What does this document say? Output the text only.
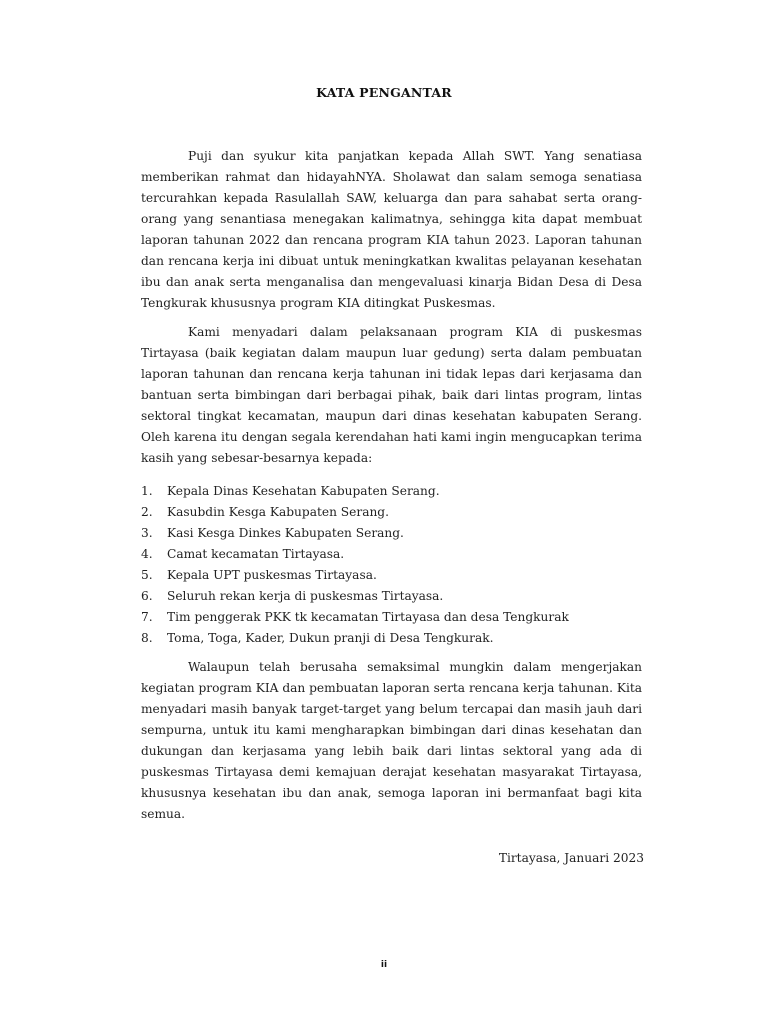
KATA PENGANTAR

Puji dan syukur kita panjatkan kepada Allah SWT. Yang senatiasa memberikan rahmat dan hidayahNYA. Sholawat dan salam semoga senatiasa tercurahkan kepada Rasulallah SAW, keluarga dan para sahabat serta orang-orang yang senantiasa menegakan kalimatnya, sehingga kita dapat membuat laporan tahunan 2022 dan rencana program KIA tahun 2023. Laporan tahunan dan rencana kerja ini dibuat untuk meningkatkan kwalitas pelayanan kesehatan ibu dan anak serta menganalisa dan mengevaluasi kinarja Bidan Desa di Desa Tengkurak khususnya program KIA ditingkat Puskesmas.

Kami menyadari dalam pelaksanaan program KIA di puskesmas Tirtayasa (baik kegiatan dalam maupun luar gedung) serta dalam pembuatan laporan tahunan dan rencana kerja tahunan ini tidak lepas dari kerjasama dan bantuan serta bimbingan dari berbagai pihak, baik dari lintas program, lintas sektoral tingkat kecamatan, maupun dari dinas kesehatan kabupaten Serang. Oleh karena itu dengan segala kerendahan hati kami ingin mengucapkan terima kasih yang sebesar-besarnya kepada:

1. Kepala Dinas Kesehatan Kabupaten Serang.
2. Kasubdin Kesga Kabupaten Serang.
3. Kasi Kesga Dinkes Kabupaten Serang.
4. Camat kecamatan Tirtayasa.
5. Kepala UPT puskesmas Tirtayasa.
6. Seluruh rekan kerja di puskesmas Tirtayasa.
7. Tim penggerak PKK tk kecamatan Tirtayasa dan desa Tengkurak
8. Toma, Toga, Kader, Dukun pranji di Desa Tengkurak.

Walaupun telah berusaha semaksimal mungkin dalam mengerjakan kegiatan program KIA dan pembuatan laporan serta rencana kerja tahunan. Kita menyadari masih banyak target-target yang belum tercapai dan masih jauh dari sempurna, untuk itu kami mengharapkan bimbingan dari dinas kesehatan dan dukungan dan kerjasama yang lebih baik dari lintas sektoral yang ada di puskesmas Tirtayasa demi kemajuan derajat kesehatan masyarakat Tirtayasa, khususnya kesehatan ibu dan anak, semoga laporan ini bermanfaat bagi kita semua.

Tirtayasa, Januari 2023
ii
